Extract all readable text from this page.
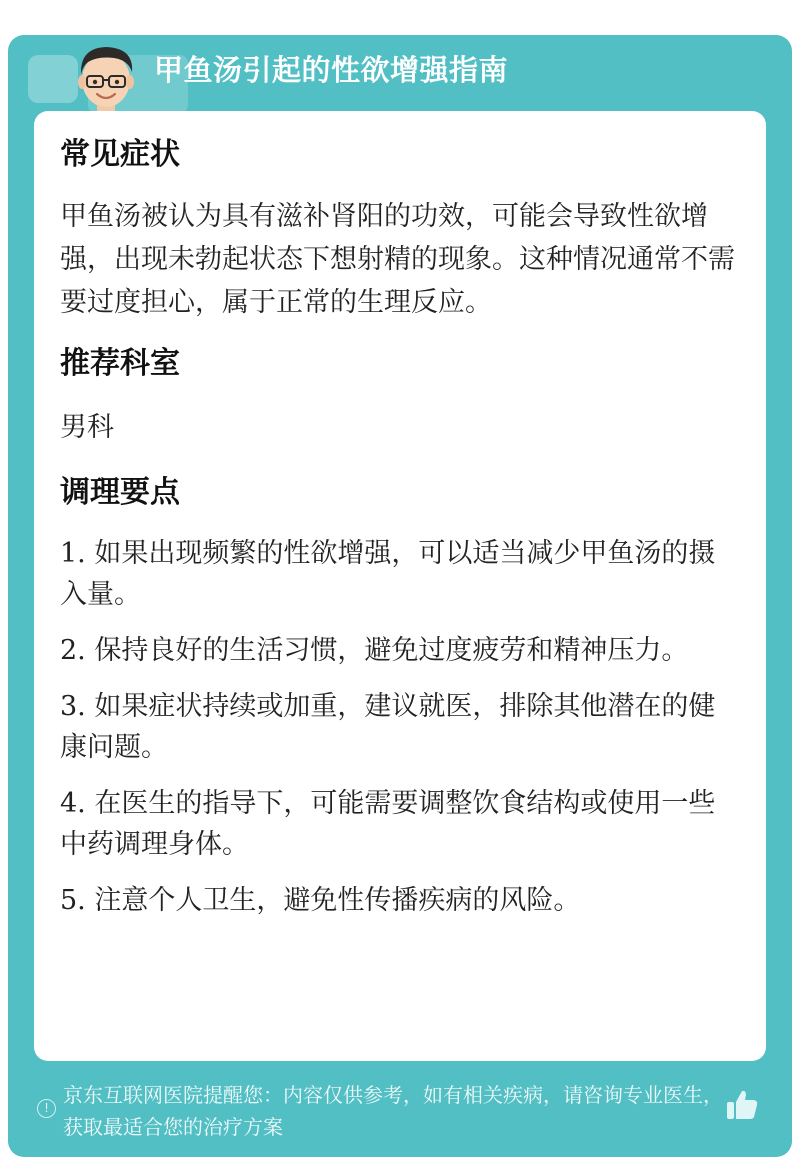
甲鱼汤引起的性欲增强指南
常见症状
甲鱼汤被认为具有滋补肾阳的功效，可能会导致性欲增强，出现未勃起状态下想射精的现象。这种情况通常不需要过度担心，属于正常的生理反应。
推荐科室
男科
调理要点
1. 如果出现频繁的性欲增强，可以适当减少甲鱼汤的摄入量。
2. 保持良好的生活习惯，避免过度疲劳和精神压力。
3. 如果症状持续或加重，建议就医，排除其他潜在的健康问题。
4. 在医生的指导下，可能需要调整饮食结构或使用一些中药调理身体。
5. 注意个人卫生，避免性传播疾病的风险。
!
京东互联网医院提醒您：内容仅供参考，如有相关疾病，请咨询专业医生，获取最适合您的治疗方案
